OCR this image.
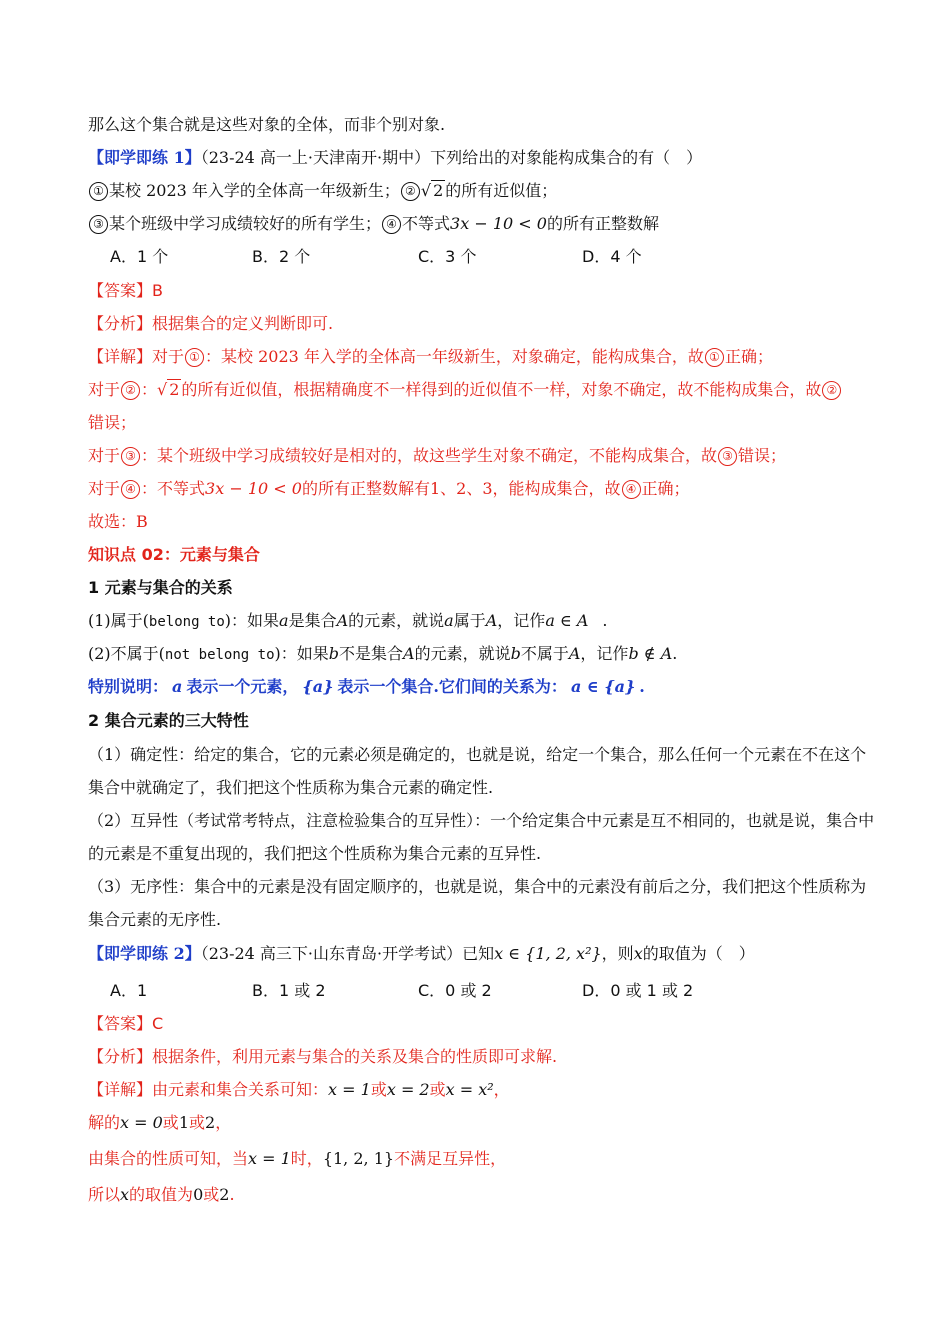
那么这个集合就是这些对象的全体，而非个别对象.
【即学即练 1】（23-24 高一上·天津南开·期中）下列给出的对象能构成集合的有（　）
① 某校 2023 年入学的全体高一年级新生； ② √ 2 的所有近似值；
③ 某个班级中学习成绩较好的所有学生； ④ 不等式3x − 10 < 0的所有正整数解
A．1 个	B．2 个	C．3 个	D．4 个
【答案】B
【分析】根据集合的定义判断即可.
【详解】对于 ① ：某校 2023 年入学的全体高一年级新生，对象确定，能构成集合，故 ① 正确；
对于 ② ：√ 2 的所有近似值，根据精确度不一样得到的近似值不一样，对象不确定，故不能构成集合，故 ②
错误；
对于 ③ ：某个班级中学习成绩较好是相对的，故这些学生对象不确定，不能构成集合，故 ③ 错误；
对于 ④ ：不等式3x − 10 < 0的所有正整数解有1、2、3，能构成集合，故 ④ 正确；
故选：B
知识点 02：元素与集合
1 元素与集合的关系
(1)属于(belong to)：如果a是集合A的元素，就说a属于A，记作a ∈ A .
(2)不属于(not belong to)：如果b不是集合A的元素，就说b不属于A，记作b ∉ A.
特别说明： a 表示一个元素， {a} 表示一个集合.它们间的关系为： a ∈ {a} .
2 集合元素的三大特性
（1）确定性：给定的集合，它的元素必须是确定的，也就是说，给定一个集合，那么任何一个元素在不在这个集合中就确定了，我们把这个性质称为集合元素的确定性.
（2）互异性（考试常考特点，注意检验集合的互异性）：一个给定集合中元素是互不相同的，也就是说，集合中的元素是不重复出现的，我们把这个性质称为集合元素的互异性.
（3）无序性：集合中的元素是没有固定顺序的，也就是说，集合中的元素没有前后之分，我们把这个性质称为集合元素的无序性.
【即学即练 2】（23-24 高三下·山东青岛·开学考试）已知x ∈ {1, 2, x²}，则x的取值为（　）
A．1	B．1 或 2	C．0 或 2	D．0 或 1 或 2
【答案】C
【分析】根据条件，利用元素与集合的关系及集合的性质即可求解.
【详解】由元素和集合关系可知：x = 1或x = 2或x = x²，
解的x = 0或1或2，
由集合的性质可知，当x = 1时，{1, 2, 1}不满足互异性，
所以x的取值为0或2.
